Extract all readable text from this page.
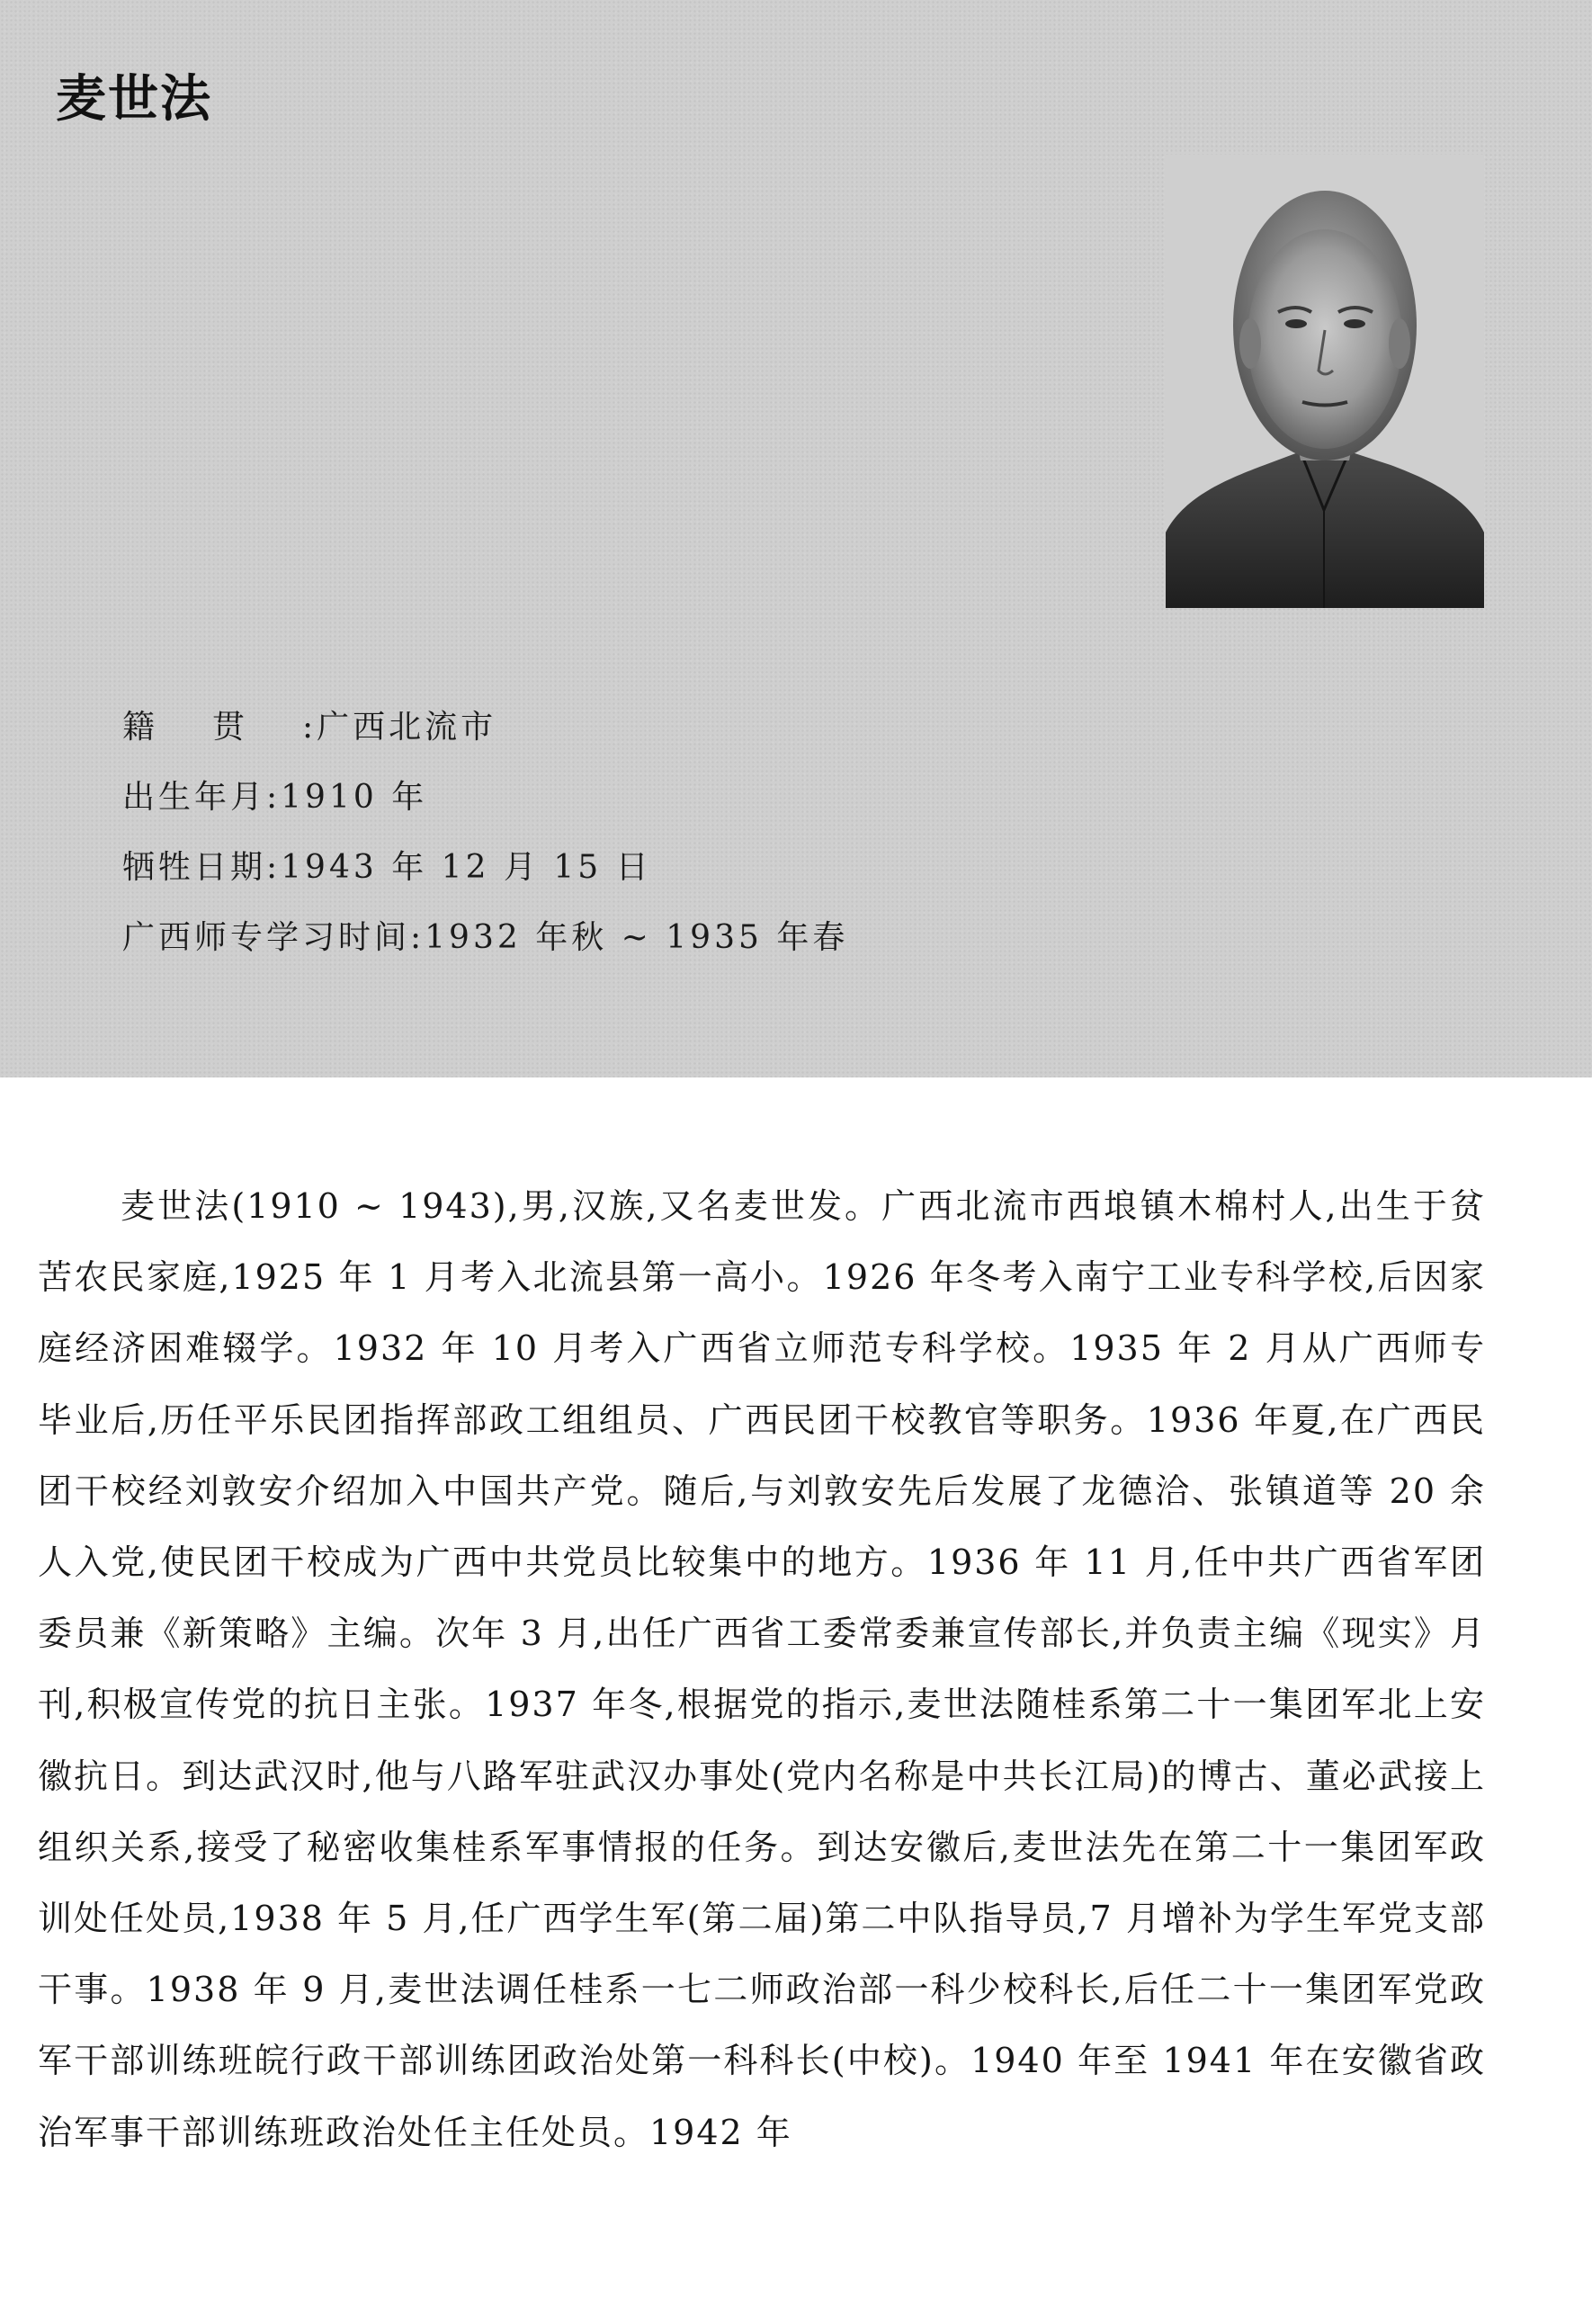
麦世法
籍贯:广西北流市
出生年月:1910 年
牺牲日期:1943 年 12 月 15 日
广西师专学习时间:1932 年秋 ~ 1935 年春

麦世法(1910 ~ 1943),男,汉族,又名麦世发。广西北流市西埌镇木棉村人,出生于贫苦农民家庭,1925 年 1 月考入北流县第一高小。1926 年冬考入南宁工业专科学校,后因家庭经济困难辍学。1932 年 10 月考入广西省立师范专科学校。1935 年 2 月从广西师专毕业后,历任平乐民团指挥部政工组组员、广西民团干校教官等职务。1936 年夏,在广西民团干校经刘敦安介绍加入中国共产党。随后,与刘敦安先后发展了龙德洽、张镇道等 20 余人入党,使民团干校成为广西中共党员比较集中的地方。1936 年 11 月,任中共广西省军团委员兼《新策略》主编。次年 3 月,出任广西省工委常委兼宣传部长,并负责主编《现实》月刊,积极宣传党的抗日主张。1937 年冬,根据党的指示,麦世法随桂系第二十一集团军北上安徽抗日。到达武汉时,他与八路军驻武汉办事处(党内名称是中共长江局)的博古、董必武接上组织关系,接受了秘密收集桂系军事情报的任务。到达安徽后,麦世法先在第二十一集团军政训处任处员,1938 年 5 月,任广西学生军(第二届)第二中队指导员,7 月增补为学生军党支部干事。1938 年 9 月,麦世法调任桂系一七二师政治部一科少校科长,后任二十一集团军党政军干部训练班皖行政干部训练团政治处第一科科长(中校)。1940 年至 1941 年在安徽省政治军事干部训练班政治处任主任处员。1942 年
